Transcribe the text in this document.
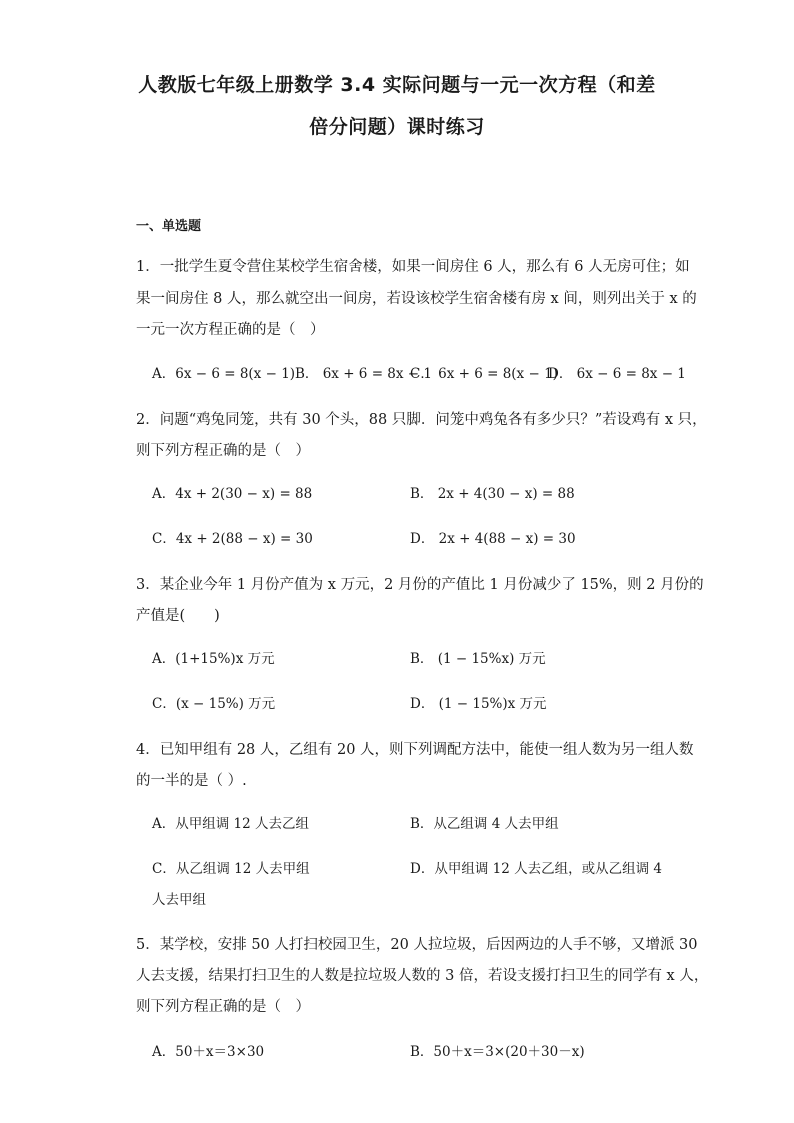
人教版七年级上册数学 3.4 实际问题与一元一次方程（和差
倍分问题）课时练习
一、单选题
1．一批学生夏令营住某校学生宿舍楼，如果一间房住 6 人，那么有 6 人无房可住；如
果一间房住 8 人，那么就空出一间房，若设该校学生宿舍楼有房 x 间，则列出关于 x 的
一元一次方程正确的是（　）
A．6x − 6 = 8(x − 1) B． 6x + 6 = 8x − 1
C． 6x + 6 = 8(x − 1)
D． 6x − 6 = 8x − 1
2．问题“鸡兔同笼，共有 30 个头，88 只脚．问笼中鸡兔各有多少只？”若设鸡有 x 只，
则下列方程正确的是（　）
A．4x + 2(30 − x) = 88	B． 2x + 4(30 − x) = 88
C．4x + 2(88 − x) = 30	D． 2x + 4(88 − x) = 30
3．某企业今年 1 月份产值为 x 万元，2 月份的产值比 1 月份减少了 15%，则 2 月份的
产值是(　　)
A．(1+15%)x 万元	B． (1 − 15%x) 万元
C．(x − 15%) 万元	D． (1 − 15%)x 万元
4．已知甲组有 28 人，乙组有 20 人，则下列调配方法中，能使一组人数为另一组人数
的一半的是（ ）.
A．从甲组调 12 人去乙组	B．从乙组调 4 人去甲组
C．从乙组调 12 人去甲组	D．从甲组调 12 人去乙组，或从乙组调 4
人去甲组
5．某学校，安排 50 人打扫校园卫生，20 人拉垃圾，后因两边的人手不够，又增派 30
人去支援，结果打扫卫生的人数是拉垃圾人数的 3 倍，若设支援打扫卫生的同学有 x 人，
则下列方程正确的是（　）
A．50＋x＝3×30	B．50＋x＝3×(20＋30－x)
